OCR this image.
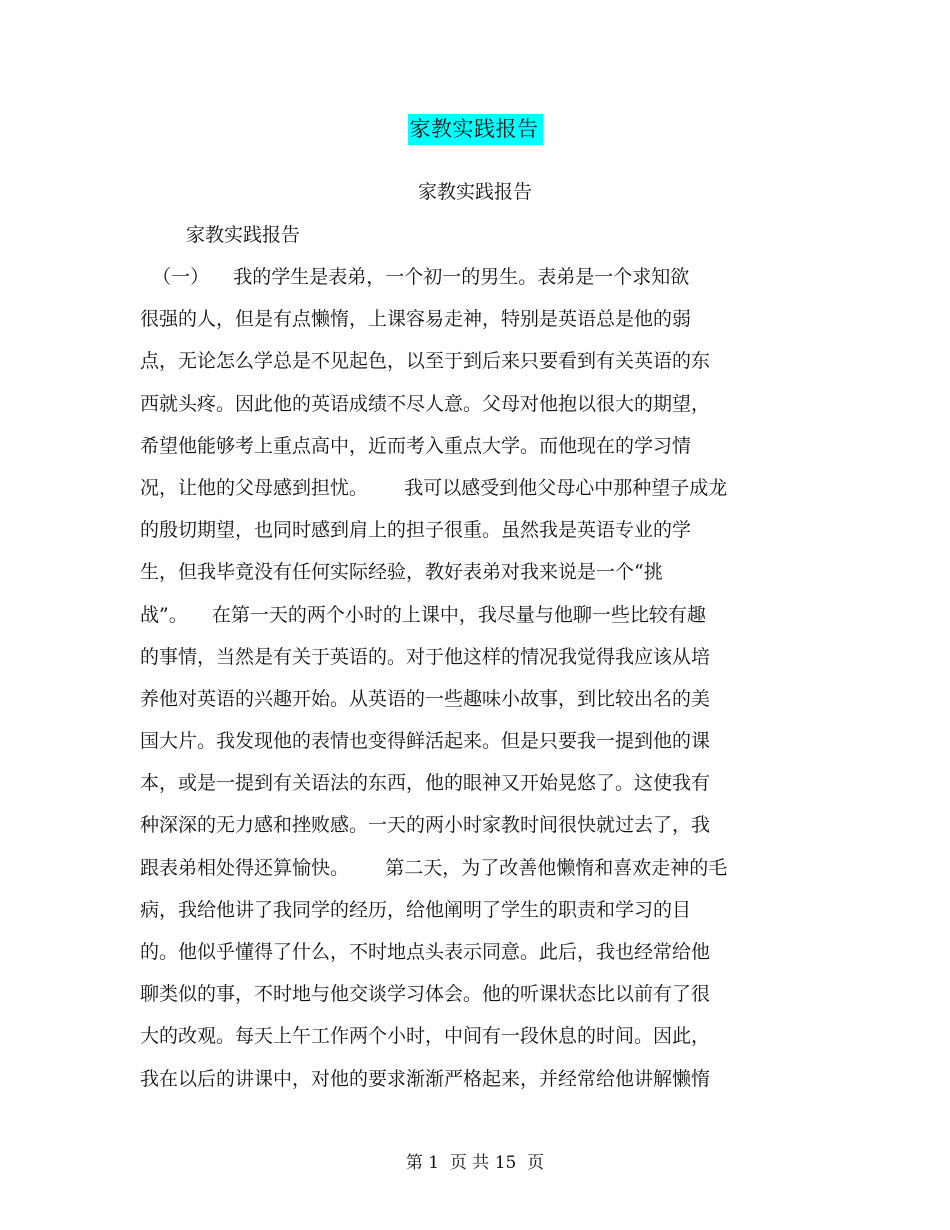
家教实践报告
家教实践报告
家教实践报告
（一）    我的学生是表弟，一个初一的男生。表弟是一个求知欲
很强的人，但是有点懒惰，上课容易走神，特别是英语总是他的弱
点，无论怎么学总是不见起色，以至于到后来只要看到有关英语的东
西就头疼。因此他的英语成绩不尽人意。父母对他抱以很大的期望，
希望他能够考上重点高中，近而考入重点大学。而他现在的学习情
况，让他的父母感到担忧。      我可以感受到他父母心中那种望子成龙
的殷切期望，也同时感到肩上的担子很重。虽然我是英语专业的学
生，但我毕竟没有任何实际经验，教好表弟对我来说是一个“挑
战”。    在第一天的两个小时的上课中，我尽量与他聊一些比较有趣
的事情，当然是有关于英语的。对于他这样的情况我觉得我应该从培
养他对英语的兴趣开始。从英语的一些趣味小故事，到比较出名的美
国大片。我发现他的表情也变得鲜活起来。但是只要我一提到他的课
本，或是一提到有关语法的东西，他的眼神又开始晃悠了。这使我有
种深深的无力感和挫败感。一天的两小时家教时间很快就过去了，我
跟表弟相处得还算愉快。      第二天，为了改善他懒惰和喜欢走神的毛
病，我给他讲了我同学的经历，给他阐明了学生的职责和学习的目
的。他似乎懂得了什么，不时地点头表示同意。此后，我也经常给他
聊类似的事，不时地与他交谈学习体会。他的听课状态比以前有了很
大的改观。每天上午工作两个小时，中间有一段休息的时间。因此，
我在以后的讲课中，对他的要求渐渐严格起来，并经常给他讲解懒惰
第 1  页 共 15  页
